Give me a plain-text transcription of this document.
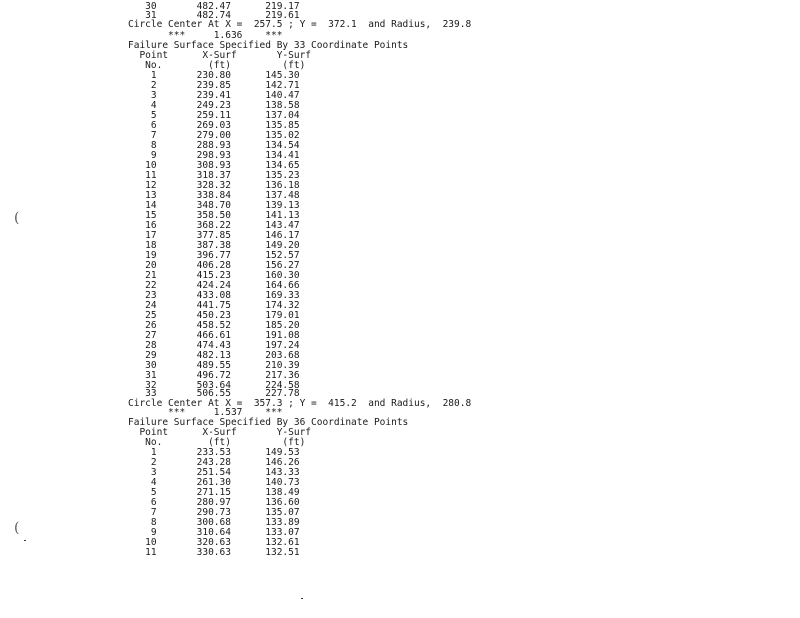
30       482.47      219.17
31       482.74      219.61
Circle Center At X =  257.5 ; Y =  372.1  and Radius,  239.8
***     1.636    ***
Failure Surface Specified By 33 Coordinate Points
Point      X-Surf       Y-Surf
No.        (ft)         (ft)
1       230.80      145.30
2       239.85      142.71
3       239.41      140.47
4       249.23      138.58
5       259.11      137.04
6       269.03      135.85
7       279.00      135.02
8       288.93      134.54
9       298.93      134.41
10       308.93      134.65
11       318.37      135.23
12       328.32      136.18
13       338.84      137.48
14       348.70      139.13
15       358.50      141.13
16       368.22      143.47
17       377.85      146.17
18       387.38      149.20
19       396.77      152.57
20       406.28      156.27
21       415.23      160.30
22       424.24      164.66
23       433.08      169.33
24       441.75      174.32
25       450.23      179.01
26       458.52      185.20
27       466.61      191.08
28       474.43      197.24
29       482.13      203.68
30       489.55      210.39
31       496.72      217.36
32       503.64      224.58
33       506.55      227.78
Circle Center At X =  357.3 ; Y =  415.2  and Radius,  280.8
***     1.537    ***
Failure Surface Specified By 36 Coordinate Points
Point      X-Surf       Y-Surf
No.        (ft)         (ft)
1       233.53      149.53
2       243.28      146.26
3       251.54      143.33
4       261.30      140.73
5       271.15      138.49
6       280.97      136.60
7       290.73      135.07
8       300.68      133.89
9       310.64      133.07
10       320.63      132.61
11       330.63      132.51
(
(
